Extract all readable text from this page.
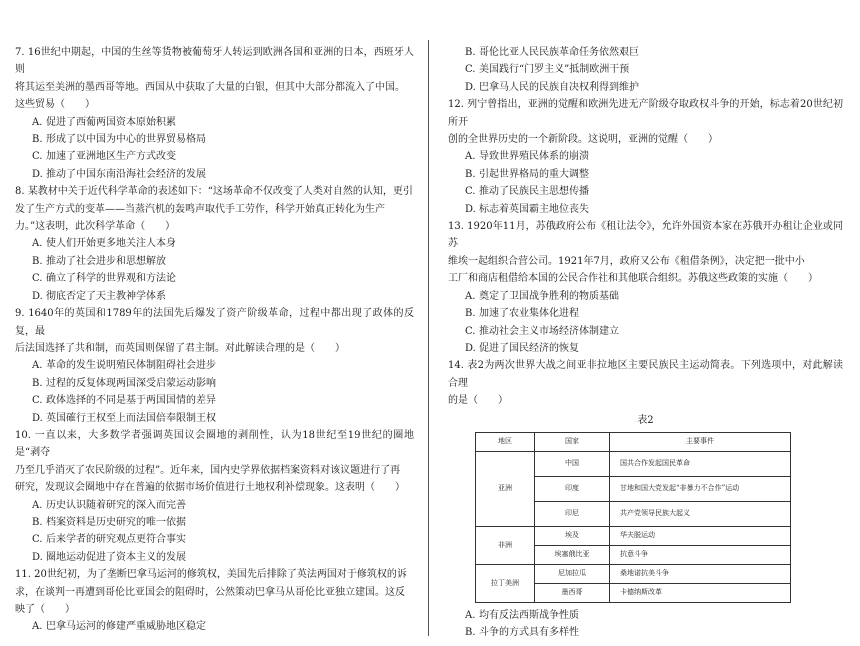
7. 16世纪中期起，中国的生丝等货物被葡萄牙人转运到欧洲各国和亚洲的日本，西班牙人则
将其运至美洲的墨西哥等地。西国从中获取了大量的白银，但其中大部分都流入了中国。
这些贸易（　　）
A. 促进了西葡两国资本原始积累
B. 形成了以中国为中心的世界贸易格局
C. 加速了亚洲地区生产方式改变
D. 推动了中国东南沿海社会经济的发展
8. 某教材中关于近代科学革命的表述如下：“这场革命不仅改变了人类对自然的认知，更引
发了生产方式的变革——当蒸汽机的轰鸣声取代手工劳作，科学开始真正转化为生产
力。”这表明，此次科学革命（　　）
A. 使人们开始更多地关注人本身
B. 推动了社会进步和思想解放
C. 确立了科学的世界观和方法论
D. 彻底否定了天主教神学体系
9. 1640年的英国和1789年的法国先后爆发了资产阶级革命，过程中都出现了政体的反复，最
后法国选择了共和制，而英国则保留了君主制。对此解读合理的是（　　）
A. 革命的发生说明殖民体制阻碍社会进步
B. 过程的反复体现两国深受启蒙运动影响
C. 政体选择的不同是基于两国国情的差异
D. 英国確行王权至上而法国倍奉限制王权
10. 一直以来，大多数学者强调英国议会圈地的剥削性，认为18世纪至19世纪的圈地是“剥夺
乃至几乎消灭了农民阶级的过程”。近年来，国内史学界依据档案资料对该议题进行了再
研究，发现议会圈地中存在普遍的依据市场价值进行土地权利补偿现象。这表明（　　）
A. 历史认识随着研究的深入而完善
B. 档案资料是历史研究的唯一依据
C. 后来学者的研究观点更符合事实
D. 圈地运动促进了资本主义的发展
11. 20世纪初，为了垄断巴拿马运河的修筑权，美国先后排除了英法两国对于修筑权的诉
求，在谈判一再遭到哥伦比亚国会的阻碍时，公然策动巴拿马从哥伦比亚独立建国。这反
映了（　　）
A. 巴拿马运河的修建严重威胁地区稳定
B. 哥伦比亚人民民族革命任务依然艰巨
C. 美国践行“门罗主义”抵制欧洲干预
D. 巴拿马人民的民族自决权利得到维护
12. 列宁曾指出，亚洲的觉醒和欧洲先进无产阶级夺取政权斗争的开始，标志着20世纪初所开
创的全世界历史的一个新阶段。这说明，亚洲的觉醒（　　）
A. 导致世界殖民体系的崩溃
B. 引起世界格局的重大调整
C. 推动了民族民主思想传播
D. 标志着英国霸主地位丧失
13. 1920年11月，苏俄政府公布《租让法令》，允许外国资本家在苏俄开办租让企业或同苏
维埃一起组织合营公司。1921年7月，政府又公布《租借条例》，决定把一批中小
工厂和商店租借给本国的公民合作社和其他联合组织。苏俄这些政策的实施（　　）
A. 奠定了卫国战争胜利的物质基础
B. 加速了农业集体化进程
C. 推动社会主义市场经济体制建立
D. 促进了国民经济的恢复
14. 表2为两次世界大战之间亚非拉地区主要民族民主运动简表。下列选项中，对此解读合理
的是（　　）
表2
地区	国家	主要事件
亚洲	中国	国共合作发起国民革命
	印度	甘地和国大党发起“非暴力不合作”运动
	印尼	共产党领导民族大起义
非洲	埃及	华夫脱运动
	埃塞俄比亚	抗意斗争
拉丁美洲	尼加拉瓜	桑地诺抗美斗争
	墨西哥	卡德纳斯改革
A. 均有反法西斯战争性质
B. 斗争的方式具有多样性
